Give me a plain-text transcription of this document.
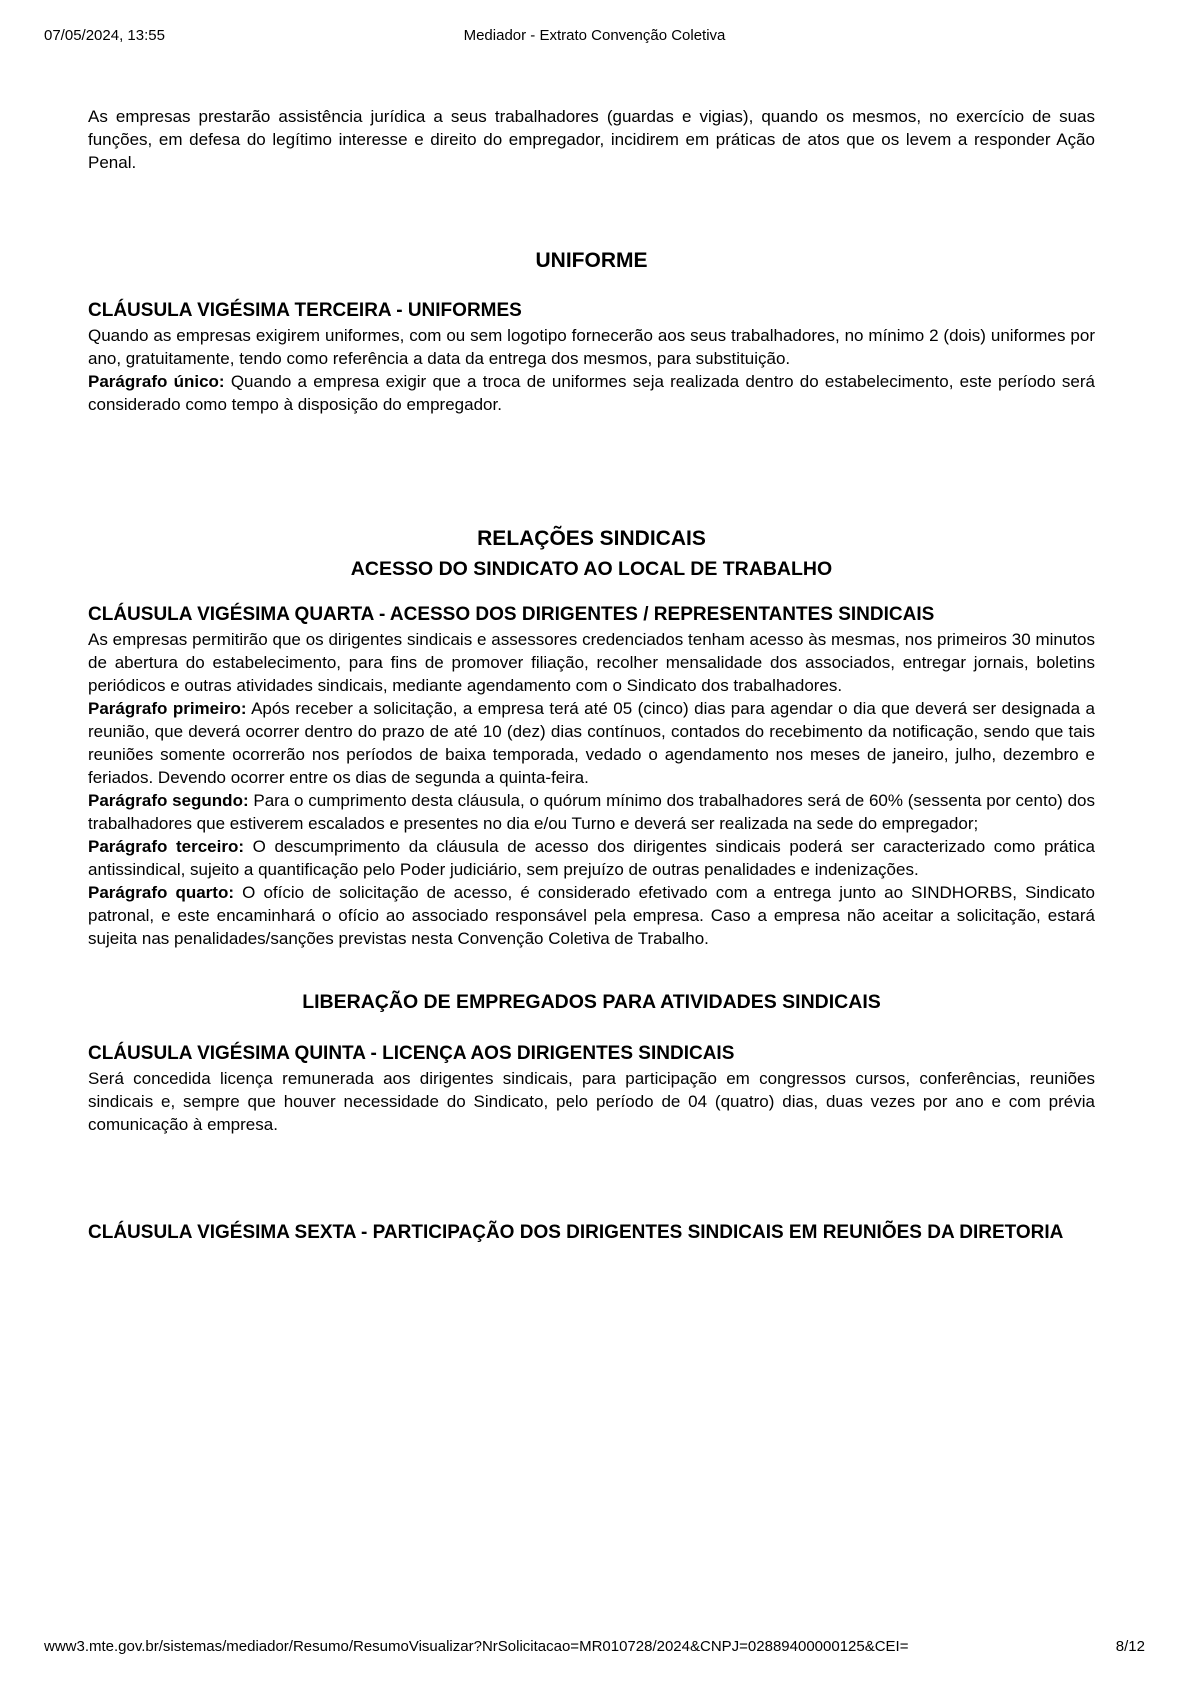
07/05/2024, 13:55	Mediador - Extrato Convenção Coletiva

As empresas prestarão assistência jurídica a seus trabalhadores (guardas e vigias), quando os mesmos, no exercício de suas funções, em defesa do legítimo interesse e direito do empregador, incidirem em práticas de atos que os levem a responder Ação Penal.

UNIFORME
CLÁUSULA VIGÉSIMA TERCEIRA - UNIFORMES

Quando as empresas exigirem uniformes, com ou sem logotipo fornecerão aos seus trabalhadores, no mínimo 2 (dois) uniformes por ano, gratuitamente, tendo como referência a data da entrega dos mesmos, para substituição.

Parágrafo único: Quando a empresa exigir que a troca de uniformes seja realizada dentro do estabelecimento, este período será considerado como tempo à disposição do empregador.

RELAÇÕES SINDICAIS
ACESSO DO SINDICATO AO LOCAL DE TRABALHO
CLÁUSULA VIGÉSIMA QUARTA - ACESSO DOS DIRIGENTES / REPRESENTANTES SINDICAIS

As empresas permitirão que os dirigentes sindicais e assessores credenciados tenham acesso às mesmas, nos primeiros 30 minutos de abertura do estabelecimento, para fins de promover filiação, recolher mensalidade dos associados, entregar jornais, boletins periódicos e outras atividades sindicais, mediante agendamento com o Sindicato dos trabalhadores.

Parágrafo primeiro: Após receber a solicitação, a empresa terá até 05 (cinco) dias para agendar o dia que deverá ser designada a reunião, que deverá ocorrer dentro do prazo de até 10 (dez) dias contínuos, contados do recebimento da notificação, sendo que tais reuniões somente ocorrerão nos períodos de baixa temporada, vedado o agendamento nos meses de janeiro, julho, dezembro e feriados. Devendo ocorrer entre os dias de segunda a quinta-feira.

Parágrafo segundo: Para o cumprimento desta cláusula, o quórum mínimo dos trabalhadores será de 60% (sessenta por cento) dos trabalhadores que estiverem escalados e presentes no dia e/ou Turno e deverá ser realizada na sede do empregador;

Parágrafo terceiro: O descumprimento da cláusula de acesso dos dirigentes sindicais poderá ser caracterizado como prática antissindical, sujeito a quantificação pelo Poder judiciário, sem prejuízo de outras penalidades e indenizações.

Parágrafo quarto: O ofício de solicitação de acesso, é considerado efetivado com a entrega junto ao SINDHORBS, Sindicato patronal, e este encaminhará o ofício ao associado responsável pela empresa. Caso a empresa não aceitar a solicitação, estará sujeita nas penalidades/sanções previstas nesta Convenção Coletiva de Trabalho.

LIBERAÇÃO DE EMPREGADOS PARA ATIVIDADES SINDICAIS
CLÁUSULA VIGÉSIMA QUINTA - LICENÇA AOS DIRIGENTES SINDICAIS

Será concedida licença remunerada aos dirigentes sindicais, para participação em congressos cursos, conferências, reuniões sindicais e, sempre que houver necessidade do Sindicato, pelo período de 04 (quatro) dias, duas vezes por ano e com prévia comunicação à empresa.

CLÁUSULA VIGÉSIMA SEXTA - PARTICIPAÇÃO DOS DIRIGENTES SINDICAIS EM REUNIÕES DA DIRETORIA
www3.mte.gov.br/sistemas/mediador/Resumo/ResumoVisualizar?NrSolicitacao=MR010728/2024&CNPJ=02889400000125&CEI=	8/12
